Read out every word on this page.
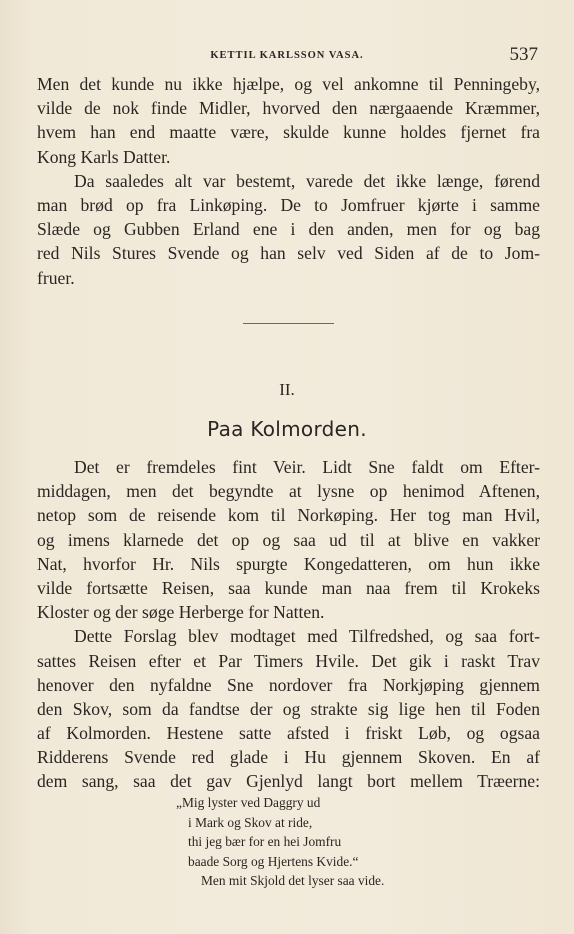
KETTIL KARLSSON VASA.	537

Men det kunde nu ikke hjælpe, og vel ankomne til Penningeby,
vilde de nok finde Midler, hvorved den nærgaaende Kræmmer,
hvem han end maatte være, skulde kunne holdes fjernet fra
Kong Karls Datter.

Da saaledes alt var bestemt, varede det ikke længe, førend
man brød op fra Linkøping. De to Jomfruer kjørte i samme
Slæde og Gubben Erland ene i den anden, men for og bag
red Nils Stures Svende og han selv ved Siden af de to Jom-
fruer.

II.
Paa Kolmorden.

Det er fremdeles fint Veir. Lidt Sne faldt om Efter-
middagen, men det begyndte at lysne op henimod Aftenen,
netop som de reisende kom til Norkøping. Her tog man Hvil,
og imens klarnede det op og saa ud til at blive en vakker
Nat, hvorfor Hr. Nils spurgte Kongedatteren, om hun ikke
vilde fortsætte Reisen, saa kunde man naa frem til Krokeks
Kloster og der søge Herberge for Natten.

Dette Forslag blev modtaget med Tilfredshed, og saa fort-
sattes Reisen efter et Par Timers Hvile. Det gik i raskt Trav
henover den nyfaldne Sne nordover fra Norkjøping gjennem
den Skov, som da fandtse der og strakte sig lige hen til Foden
af Kolmorden. Hestene satte afsted i friskt Løb, og ogsaa
Ridderens Svende red glade i Hu gjennem Skoven. En af
dem sang, saa det gav Gjenlyd langt bort mellem Træerne:

„Mig lyster ved Daggry ud
i Mark og Skov at ride,
thi jeg bær for en hei Jomfru
baade Sorg og Hjertens Kvide.“
Men mit Skjold det lyser saa vide.
